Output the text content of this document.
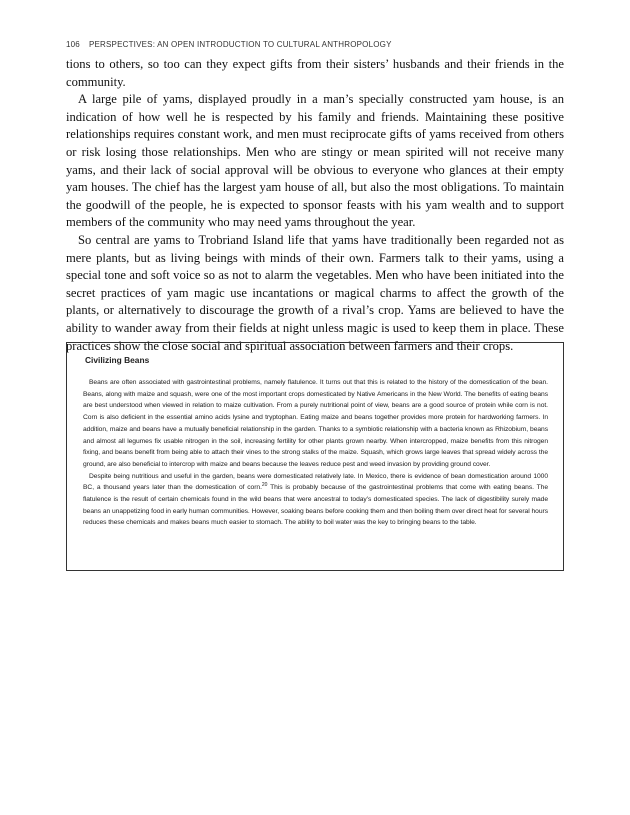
106 PERSPECTIVES: AN OPEN INTRODUCTION TO CULTURAL ANTHROPOLOGY

tions to others, so too can they expect gifts from their sisters’ husbands and their friends in the community.

A large pile of yams, displayed proudly in a man’s specially constructed yam house, is an indication of how well he is respected by his family and friends. Maintaining these positive relationships requires constant work, and men must reciprocate gifts of yams received from others or risk losing those relationships. Men who are stingy or mean spirited will not receive many yams, and their lack of social approval will be obvious to everyone who glances at their empty yam houses. The chief has the largest yam house of all, but also the most obligations. To maintain the goodwill of the people, he is expected to sponsor feasts with his yam wealth and to support members of the community who may need yams throughout the year.

So central are yams to Trobriand Island life that yams have traditionally been regarded not as mere plants, but as living beings with minds of their own. Farmers talk to their yams, using a special tone and soft voice so as not to alarm the vegetables. Men who have been initiated into the secret practices of yam magic use incantations or magical charms to affect the growth of the plants, or alternatively to discourage the growth of a rival’s crop. Yams are believed to have the ability to wander away from their fields at night unless magic is used to keep them in place. These practices show the close social and spiritual association between farmers and their crops.

Civilizing Beans

Beans are often associated with gastrointestinal problems, namely flatulence. It turns out that this is related to the history of the domestication of the bean. Beans, along with maize and squash, were one of the most important crops domesticated by Native Americans in the New World. The benefits of eating beans are best understood when viewed in relation to maize cultivation. From a purely nutritional point of view, beans are a good source of protein while corn is not. Corn is also deficient in the essential amino acids lysine and tryptophan. Eating maize and beans together provides more protein for hardworking farmers. In addition, maize and beans have a mutually beneficial relationship in the garden. Thanks to a symbiotic relationship with a bacteria known as Rhizobium, beans and almost all legumes fix usable nitrogen in the soil, increasing fertility for other plants grown nearby. When intercropped, maize benefits from this nitrogen fixing, and beans benefit from being able to attach their vines to the strong stalks of the maize. Squash, which grows large leaves that spread widely across the ground, are also beneficial to intercrop with maize and beans because the leaves reduce pest and weed invasion by providing ground cover.

Despite being nutritious and useful in the garden, beans were domesticated relatively late. In Mexico, there is evidence of bean domestication around 1000 BC, a thousand years later than the domestication of corn.$^{20}$ This is probably because of the gastrointestinal problems that come with eating beans. The flatulence is the result of certain chemicals found in the wild beans that were ancestral to today’s domesticated species. The lack of digestibility surely made beans an unappetizing food in early human communities. However, soaking beans before cooking them and then boiling them over direct heat for several hours reduces these chemicals and makes beans much easier to stomach. The ability to boil water was the key to bringing beans to the table.
